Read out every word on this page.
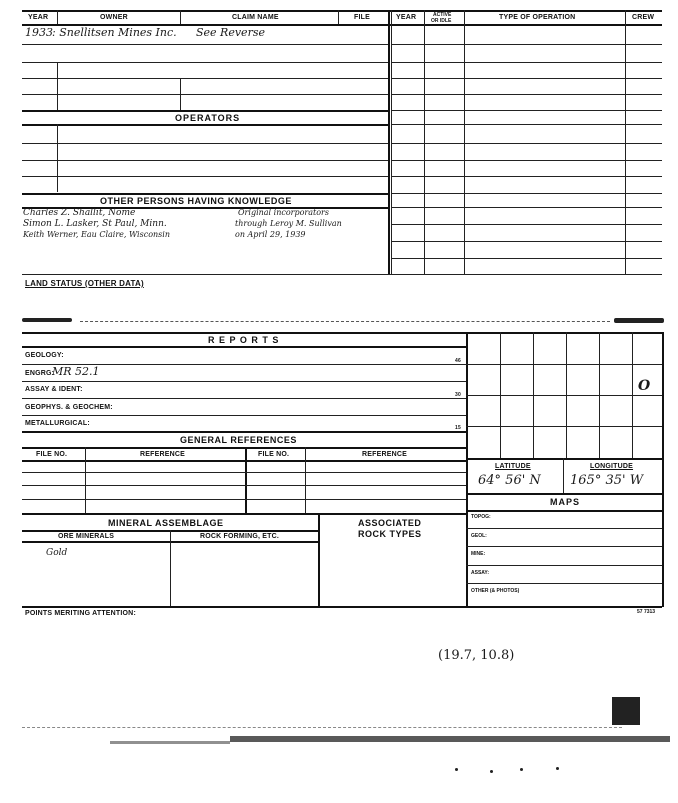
YEAR	OWNER	CLAIM NAME	FILE	YEAR	ACTIVE
OR IDLE	TYPE OF OPERATION	CREW
1933 : Snellitsen Mines Inc. See Reverse
OPERATORS
OTHER PERSONS HAVING KNOWLEDGE
Charles Z. Shallit, Nome
Simon L. Lasker, St Paul, Minn.
Keith Werner, Eau Claire, Wisconsin
Original incorporators
through Leroy M. Sullivan
on April 29, 1939
LAND STATUS (OTHER DATA)
R E P O R T S
GEOLOGY:
46
ENGRG:
MR 52.1
ASSAY & IDENT:
30
GEOPHYS. & GEOCHEM:
METALLURGICAL:
15
GENERAL REFERENCES
FILE NO.	REFERENCE	FILE NO.	REFERENCE
MINERAL ASSEMBLAGE
ORE MINERALS	ROCK FORMING, ETC.
Gold
ASSOCIATED
ROCK TYPES
O
LATITUDE	LONGITUDE
64° 56' N 165° 35' W
MAPS
TOPOG:
GEOL:
MINE:
ASSAY:
OTHER (& PHOTOS)
POINTS MERITING ATTENTION:	57 7313
(19.7, 10.8)
